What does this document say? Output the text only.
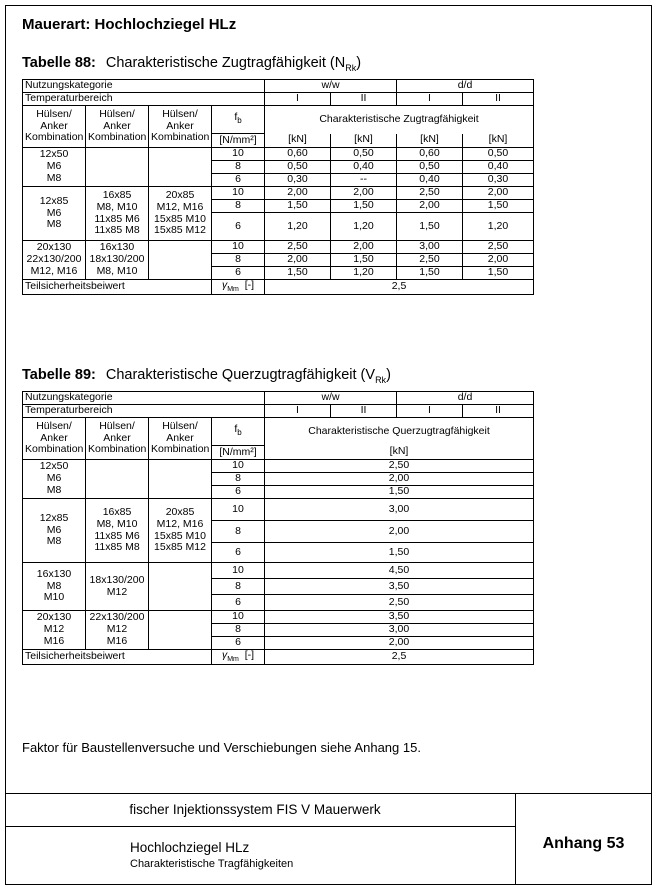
Mauerart: Hochlochziegel HLz
Tabelle 88: Charakteristische Zugtragfähigkeit $(N_{Rk})$
Nutzungskategorie				w/w		d/d	
Temperaturbereich				I	II	I	II
Hülsen/
Anker
Kombination	Hülsen/
Anker
Kombination	Hülsen/
Anker
Kombination	$f_b$	Charakteristische Zugtragfähigkeit			
			[N/mm²]	[kN]	[kN]	[kN]	[kN]
12x50
M6
M8			10	0,60	0,50	0,60	0,50
			8	0,50	0,40	0,50	0,40
			6	0,30	--	0,40	0,30
12x85
M6
M8	16x85
M8, M10
11x85 M6
11x85 M8	20x85
M12, M16
15x85 M10
15x85 M12	10	2,00	2,00	2,50	2,00
			8	1,50	1,50	2,00	1,50
			6	1,20	1,20	1,50	1,20
20x130
22x130/200
M12, M16	16x130
18x130/200
M8, M10		10	2,50	2,00	3,00	2,50
			8	2,00	1,50	2,50	2,00
			6	1,50	1,20	1,50	1,50
Teilsicherheitsbeiwert			$\gamma_{Mm}$  [-]	2,5			
Tabelle 89: Charakteristische Querzugtragfähigkeit $(V_{Rk})$
Nutzungskategorie				w/w		d/d	
Temperaturbereich				I	II	I	II
Hülsen/
Anker
Kombination	Hülsen/
Anker
Kombination	Hülsen/
Anker
Kombination	$f_b$	Charakteristische Querzugtragfähigkeit			
			[N/mm²]	[kN]			
12x50
M6
M8			10	2,50			
			8	2,00			
			6	1,50			
12x85
M6
M8	16x85
M8, M10
11x85 M6
11x85 M8	20x85
M12, M16
15x85 M10
15x85 M12	10	3,00			
			8	2,00			
			6	1,50			
16x130
M8
M10	18x130/200
M12		10	4,50			
			8	3,50			
			6	2,50			
20x130
M12
M16	22x130/200
M12
M16		10	3,50			
			8	3,00			
			6	2,00			
Teilsicherheitsbeiwert			$\gamma_{Mm}$  [-]	2,5			
Faktor für Baustellenversuche und Verschiebungen siehe Anhang 15.
fischer Injektionssystem FIS V Mauerwerk
Hochlochziegel HLz
Charakteristische Tragfähigkeiten
Anhang 53
